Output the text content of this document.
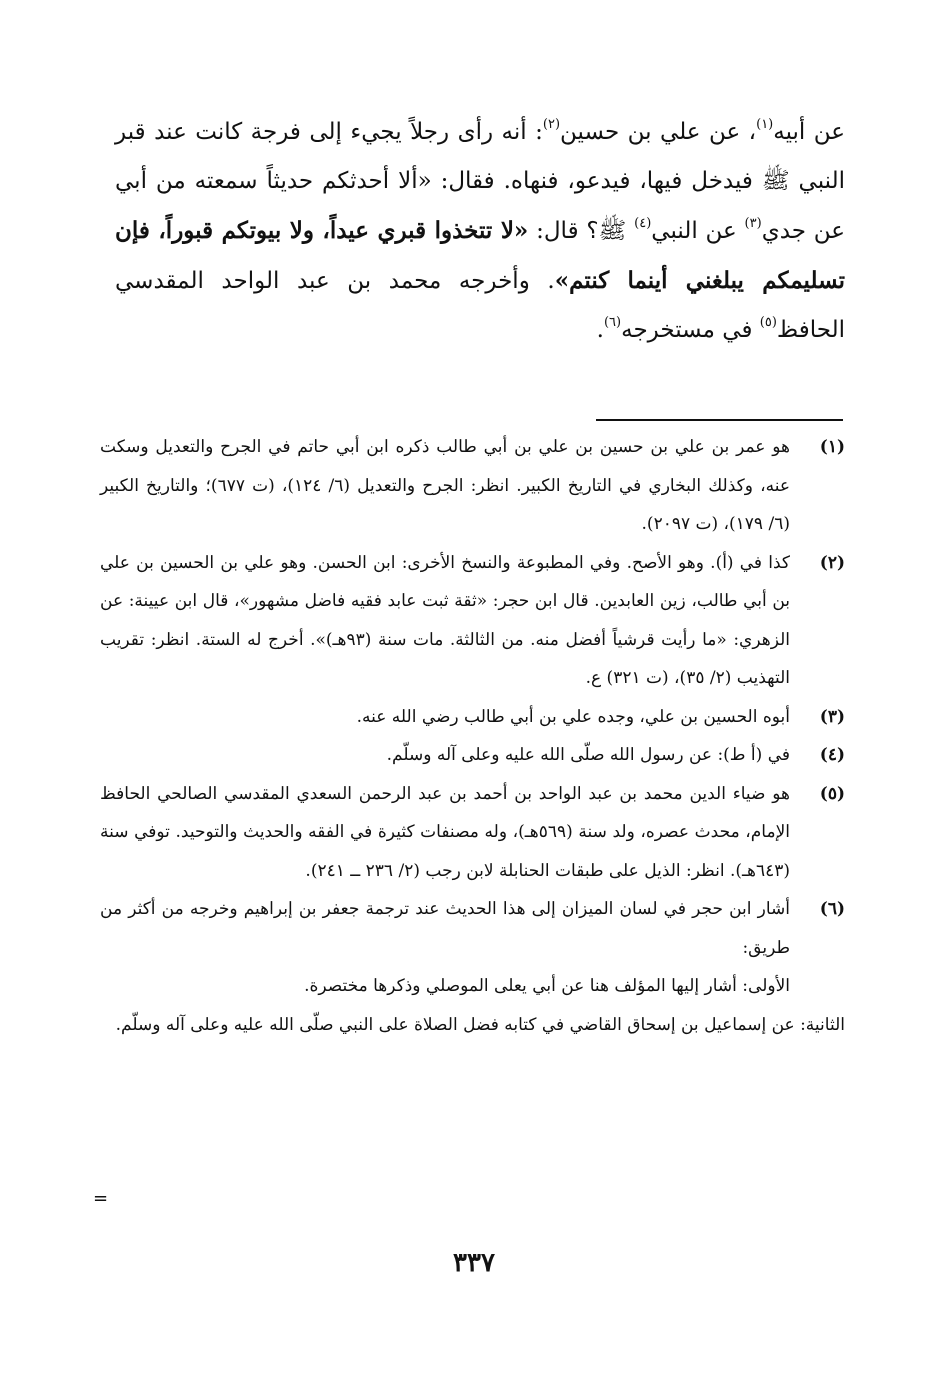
عن أبيه$^{(١)}$، عن علي بن حسين$^{(٢)}$: أنه رأى رجلاً يجيء إلى فرجة كانت عند قبر النبي ﷺ فيدخل فيها، فيدعو، فنهاه. فقال: «ألا أحدثكم حديثاً سمعته من أبي عن جدي$^{(٣)}$ عن النبي$^{(٤)}$ ﷺ؟ قال: «لا تتخذوا قبري عيداً، ولا بيوتكم قبوراً، فإن تسليمكم يبلغني أينما كنتم». وأخرجه محمد بن عبد الواحد المقدسي الحافظ$^{(٥)}$ في مستخرجه$^{(٦)}$.

(١)

هو عمر بن علي بن حسين بن علي بن أبي طالب ذكره ابن أبي حاتم في الجرح والتعديل وسكت عنه، وكذلك البخاري في التاريخ الكبير. انظر: الجرح والتعديل (٦/ ١٢٤)، (ت ٦٧٧)؛ والتاريخ الكبير (٦/ ١٧٩)، (ت ٢٠٩٧).

(٢)

كذا في (أ). وهو الأصح. وفي المطبوعة والنسخ الأخرى: ابن الحسن. وهو علي بن الحسين بن علي بن أبي طالب، زين العابدين. قال ابن حجر: «ثقة ثبت عابد فقيه فاضل مشهور»، قال ابن عيينة: عن الزهري: «ما رأيت قرشياً أفضل منه. من الثالثة. مات سنة (٩٣هـ)». أخرج له الستة. انظر: تقريب التهذيب (٢/ ٣٥)، (ت ٣٢١) ع.

(٣)

أبوه الحسين بن علي، وجده علي بن أبي طالب رضي الله عنه.

(٤)

في (أ ط): عن رسول الله صلّى الله عليه وعلى آله وسلّم.

(٥)

هو ضياء الدين محمد بن عبد الواحد بن أحمد بن عبد الرحمن السعدي المقدسي الصالحي الحافظ الإمام، محدث عصره، ولد سنة (٥٦٩هـ)، وله مصنفات كثيرة في الفقه والحديث والتوحيد. توفي سنة (٦٤٣هـ). انظر: الذيل على طبقات الحنابلة لابن رجب (٢/ ٢٣٦ ــ ٢٤١).

(٦)

أشار ابن حجر في لسان الميزان إلى هذا الحديث عند ترجمة جعفر بن إبراهيم وخرجه من أكثر من طريق:

الأولى: أشار إليها المؤلف هنا عن أبي يعلى الموصلي وذكرها مختصرة.

الثانية: عن إسماعيل بن إسحاق القاضي في كتابه فضل الصلاة على النبي صلّى الله عليه وعلى آله وسلّم.

=
٣٣٧
